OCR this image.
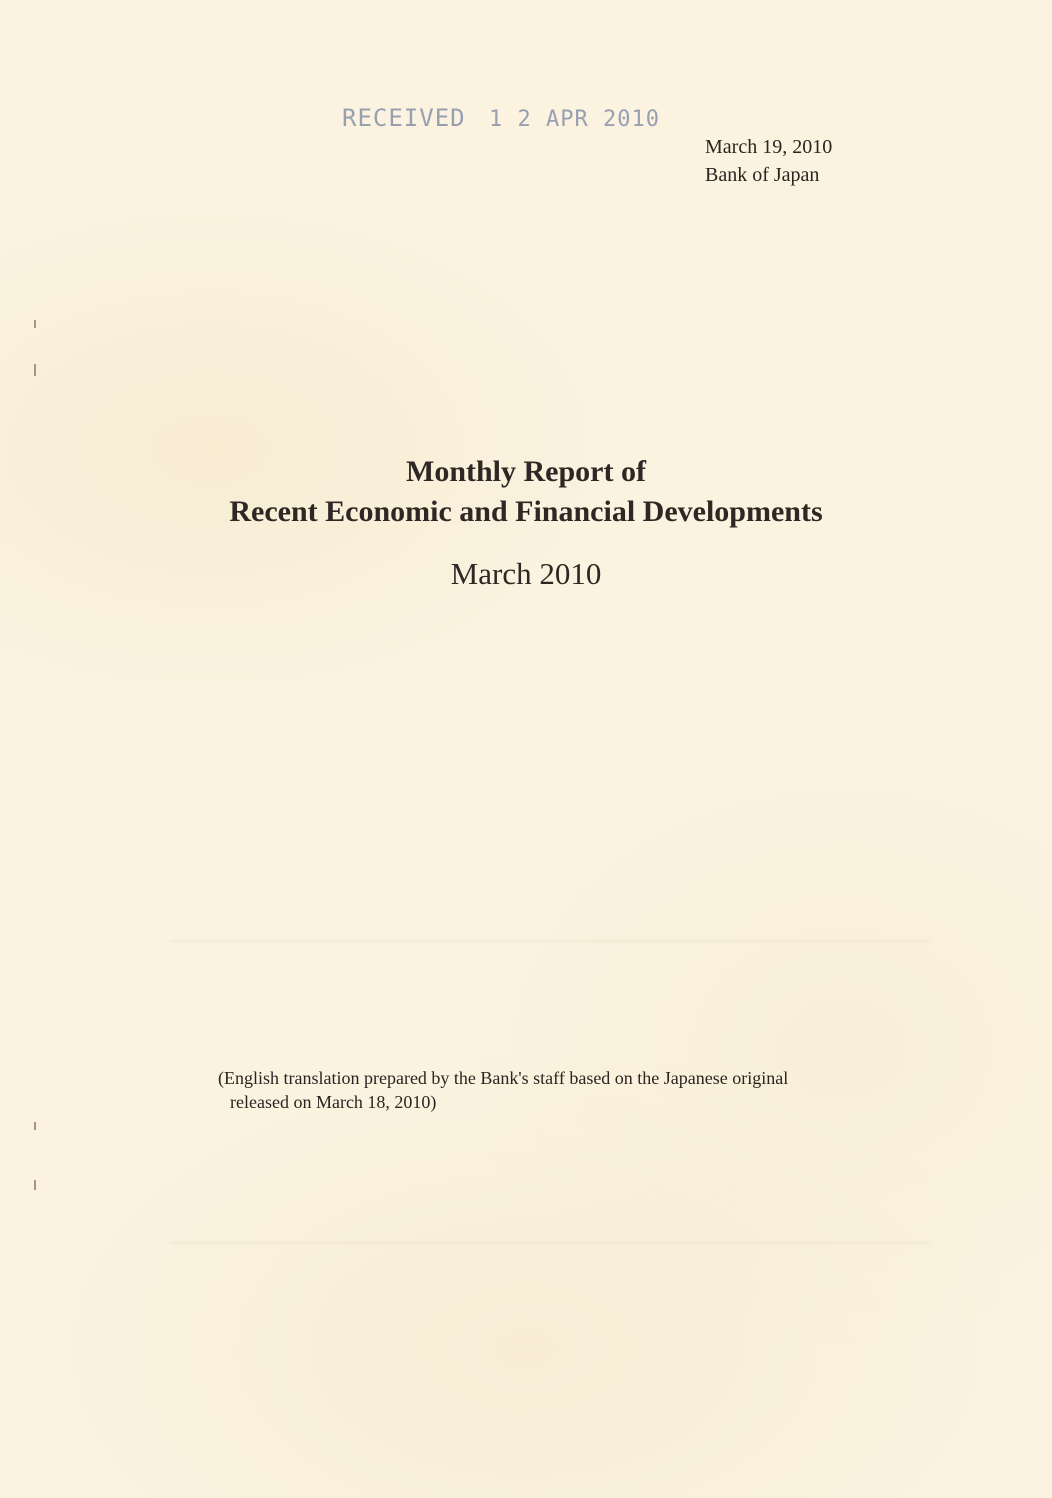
RECEIVED 1 2 APR 2010
March 19, 2010
Bank of Japan
Monthly Report of
Recent Economic and Financial Developments
March 2010
(English translation prepared by the Bank's staff based on the Japanese original
released on March 18, 2010)
